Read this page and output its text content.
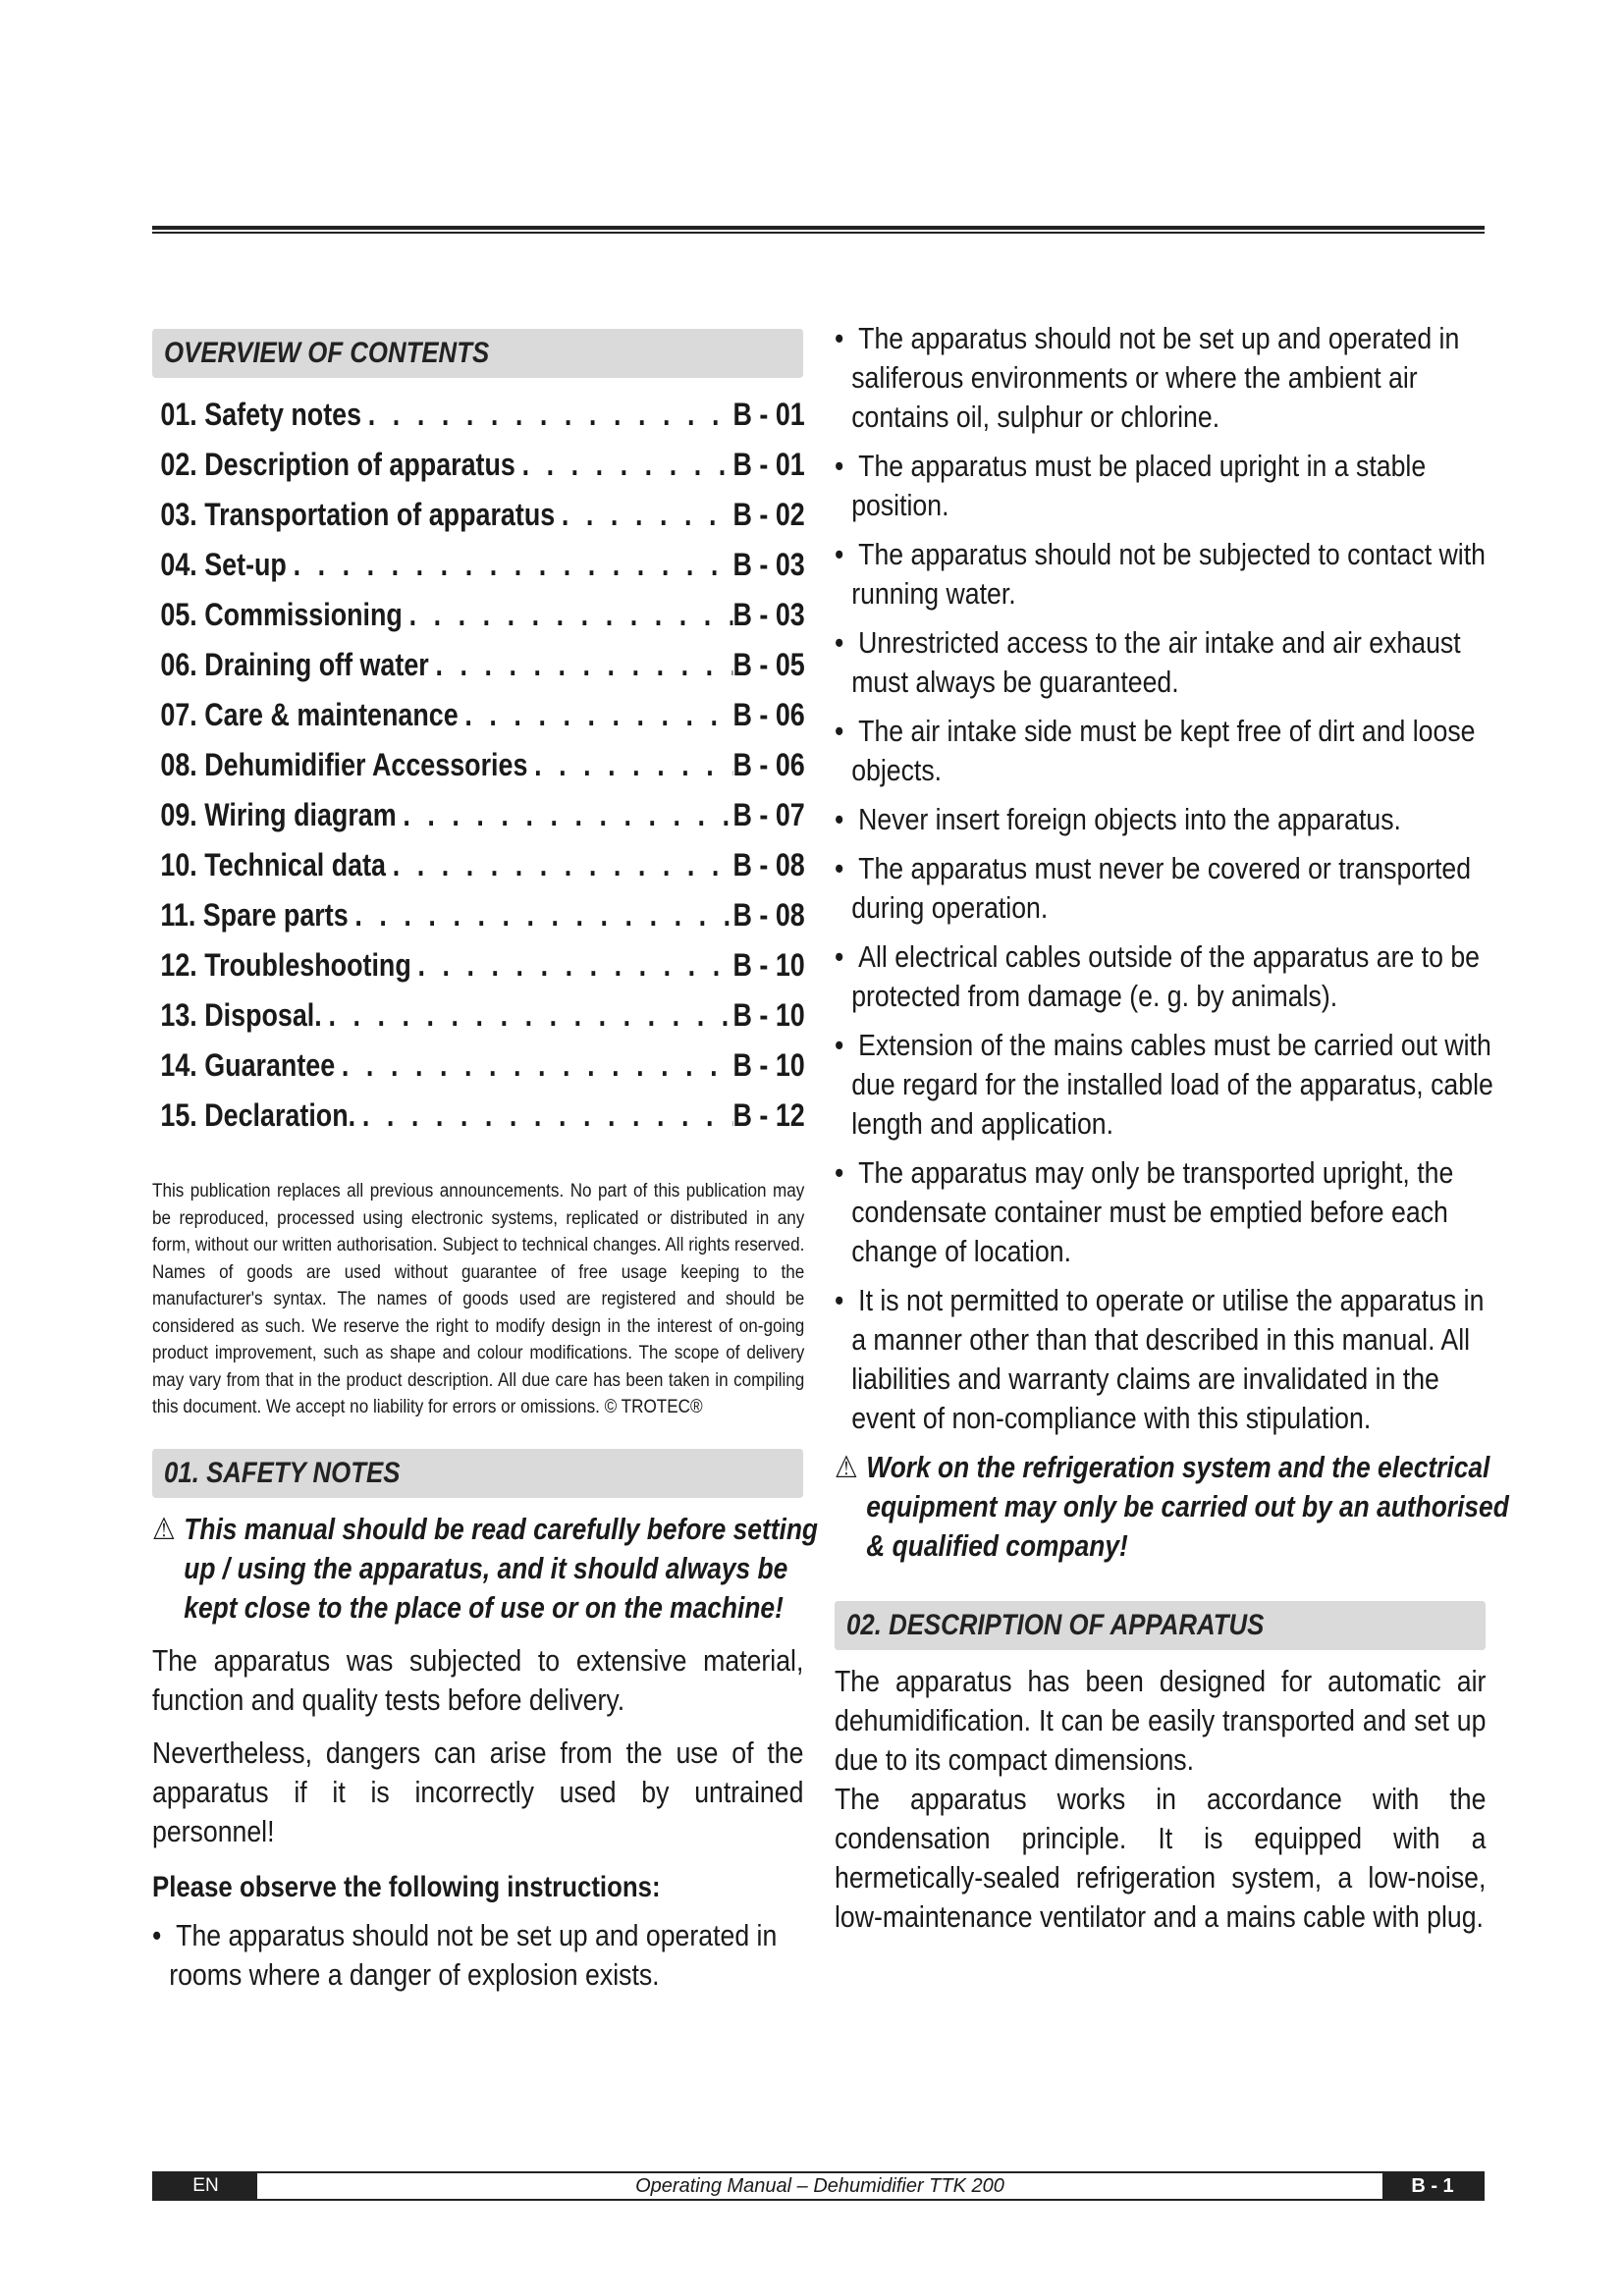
OVERVIEW OF CONTENTS
01. Safety notes . . .	B - 01
02. Description of apparatus . . .	B - 01
03. Transportation of apparatus . . .	B - 02
04. Set-up . . .	B - 03
05. Commissioning . . .	B - 03
06. Draining off water . . .	B - 05
07. Care & maintenance . . .	B - 06
08. Dehumidifier Accessories . . .	B - 06
09. Wiring diagram . . .	B - 07
10. Technical data . . .	B - 08
11. Spare parts . . .	B - 08
12. Troubleshooting . . .	B - 10
13. Disposal. . . .	B - 10
14. Guarantee . . .	B - 10
15. Declaration. . . .	B - 12

This publication replaces all previous announcements. No part of this publication may be reproduced, processed using electronic systems, replicated or distributed in any form, without our written authorisation. Subject to technical changes. All rights reserved. Names of goods are used without guarantee of free usage keeping to the manufacturer's syntax. The names of goods used are registered and should be considered as such. We reserve the right to modify design in the interest of on-going product improvement, such as shape and colour modifications. The scope of delivery may vary from that in the product description. All due care has been taken in compiling this document. We accept no liability for errors or omissions. © TROTEC®

01. SAFETY NOTES

⚠ This manual should be read carefully before setting up / using the apparatus, and it should always be kept close to the place of use or on the machine!

The apparatus was subjected to extensive material, function and quality tests before delivery.

Nevertheless, dangers can arise from the use of the apparatus if it is incorrectly used by untrained personnel!

Please observe the following instructions:

•  The apparatus should not be set up and operated in rooms where a danger of explosion exists.
•  The apparatus should not be set up and operated in saliferous environments or where the ambient air contains oil, sulphur or chlorine.
•  The apparatus must be placed upright in a stable position.
•  The apparatus should not be subjected to contact with running water.
•  Unrestricted access to the air intake and air exhaust must always be guaranteed.
•  The air intake side must be kept free of dirt and loose objects.
•  Never insert foreign objects into the apparatus.
•  The apparatus must never be covered or transported during operation.
•  All electrical cables outside of the apparatus are to be protected from damage (e. g. by animals).
•  Extension of the mains cables must be carried out with due regard for the installed load of the apparatus, cable length and application.
•  The apparatus may only be transported upright, the condensate container must be emptied before each change of location.
•  It is not permitted to operate or utilise the apparatus in a manner other than that described in this manual. All liabilities and warranty claims are invalidated in the event of non-compliance with this stipulation.

⚠ Work on the refrigeration system and the electrical equipment may only be carried out by an authorised & qualified company!

02. DESCRIPTION OF APPARATUS

The apparatus has been designed for automatic air dehumidification. It can be easily transported and set up due to its compact dimensions.

The apparatus works in accordance with the condensation principle. It is equipped with a hermetically-sealed refrigeration system, a low-noise, low-maintenance ventilator and a mains cable with plug.

EN	Operating Manual – Dehumidifier TTK 200	B - 1
